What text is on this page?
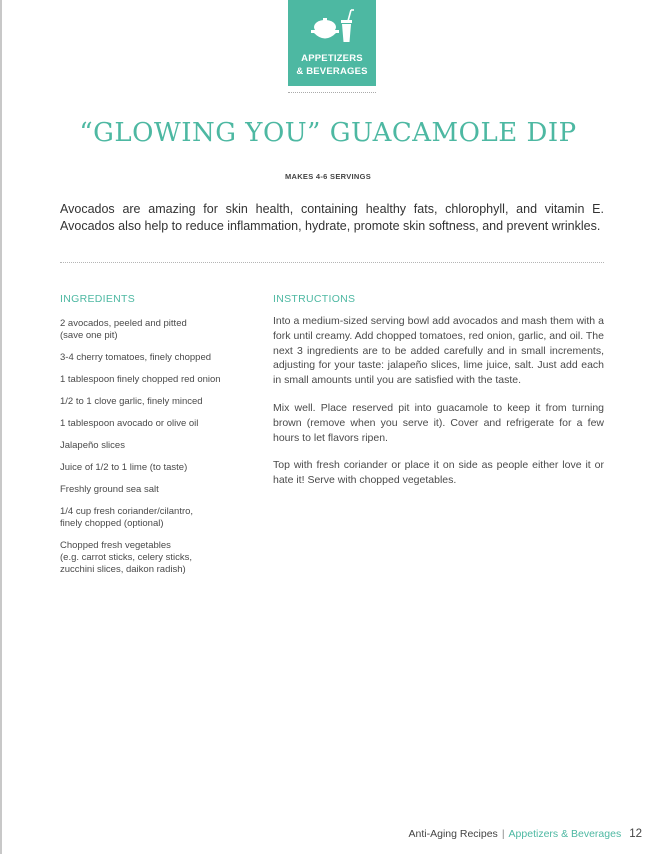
APPETIZERS
& BEVERAGES
“GLOWING YOU” GUACAMOLE DIP
MAKES 4-6 SERVINGS

Avocados are amazing for skin health, containing healthy fats, chlorophyll, and vitamin E. Avocados also help to reduce inflammation, hydrate, promote skin softness, and prevent wrinkles.

INGREDIENTS	INSTRUCTIONS
2 avocados, peeled and pitted
(save one pit)
3-4 cherry tomatoes, finely chopped
1 tablespoon finely chopped red onion
1/2 to 1 clove garlic, finely minced
1 tablespoon avocado or olive oil
Jalapeño slices
Juice of 1/2 to 1 lime (to taste)
Freshly ground sea salt
1/4 cup fresh coriander/cilantro,
finely chopped (optional)
Chopped fresh vegetables
(e.g. carrot sticks, celery sticks,
zucchini slices, daikon radish)

Into a medium-sized serving bowl add avocados and mash them with a fork until creamy. Add chopped tomatoes, red onion, garlic, and oil. The next 3 ingredients are to be added carefully and in small increments, adjusting for your taste: jalapeño slices, lime juice, salt. Just add each in small amounts until you are satisfied with the taste.

Mix well. Place reserved pit into guacamole to keep it from turning brown (remove when you serve it). Cover and refrigerate for a few hours to let flavors ripen.

Top with fresh coriander or place it on side as people either love it or hate it! Serve with chopped vegetables.

Anti-Aging Recipes | Appetizers & Beverages 12
